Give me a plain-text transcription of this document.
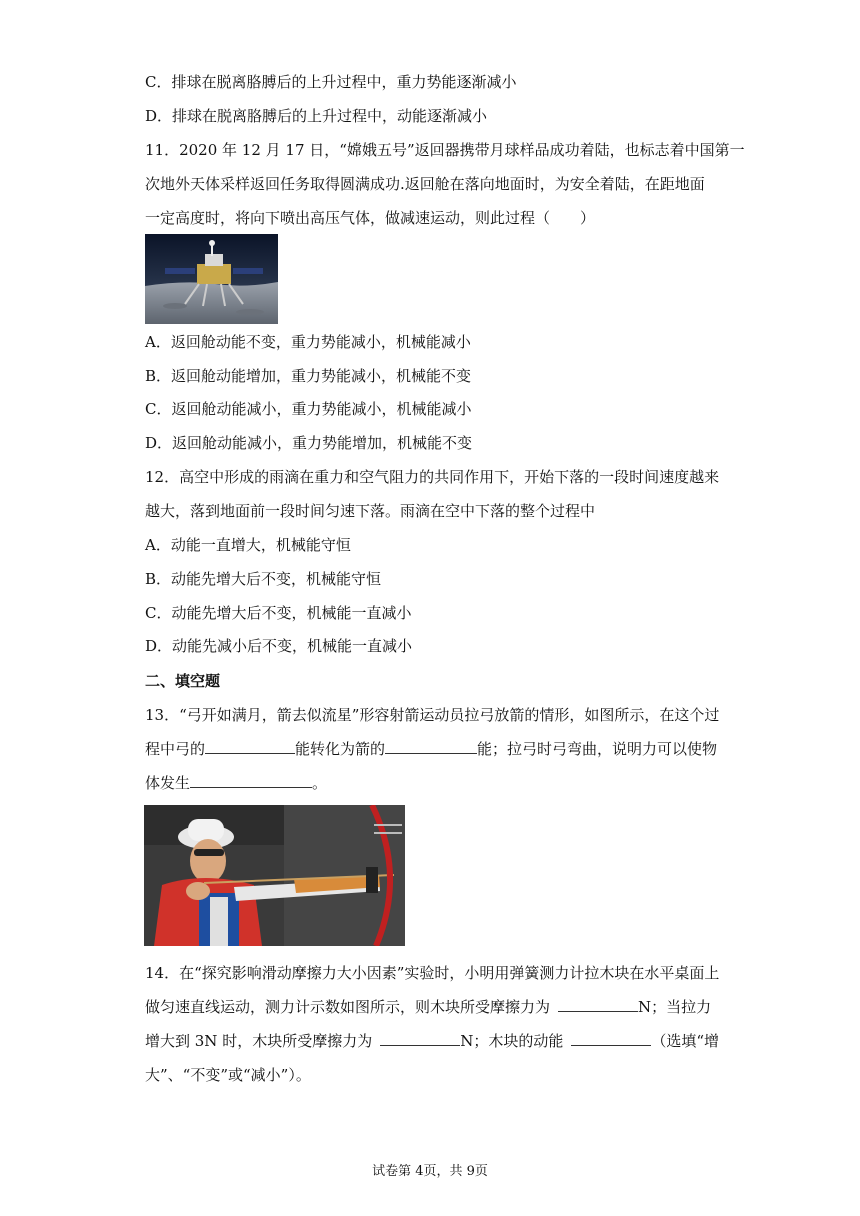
C．排球在脱离胳膊后的上升过程中，重力势能逐渐减小
D．排球在脱离胳膊后的上升过程中，动能逐渐减小
11．2020 年 12 月 17 日，“嫦娥五号”返回器携带月球样品成功着陆，也标志着中国第一
次地外天体采样返回任务取得圆满成功.返回舱在落向地面时，为安全着陆，在距地面
一定高度时，将向下喷出高压气体，做减速运动，则此过程（　　）
A．返回舱动能不变，重力势能减小，机械能减小
B．返回舱动能增加，重力势能减小，机械能不变
C．返回舱动能减小，重力势能减小，机械能减小
D．返回舱动能减小，重力势能增加，机械能不变
12．高空中形成的雨滴在重力和空气阻力的共同作用下，开始下落的一段时间速度越来
越大，落到地面前一段时间匀速下落。雨滴在空中下落的整个过程中
A．动能一直增大，机械能守恒
B．动能先增大后不变，机械能守恒
C．动能先增大后不变，机械能一直减小
D．动能先减小后不变，机械能一直减小
二、填空题
13．“弓开如满月，箭去似流星”形容射箭运动员拉弓放箭的情形，如图所示，在这个过
程中弓的	能转化为箭的	能；拉弓时弓弯曲，说明力可以使物
体发生	。
14．在“探究影响滑动摩擦力大小因素”实验时，小明用弹簧测力计拉木块在水平桌面上
做匀速直线运动，测力计示数如图所示，则木块所受摩擦力为	N；当拉力
增大到 3N 时，木块所受摩擦力为	N；木块的动能	（选填“增
大”、“不变”或“减小”）。
试卷第 4页，共 9页
